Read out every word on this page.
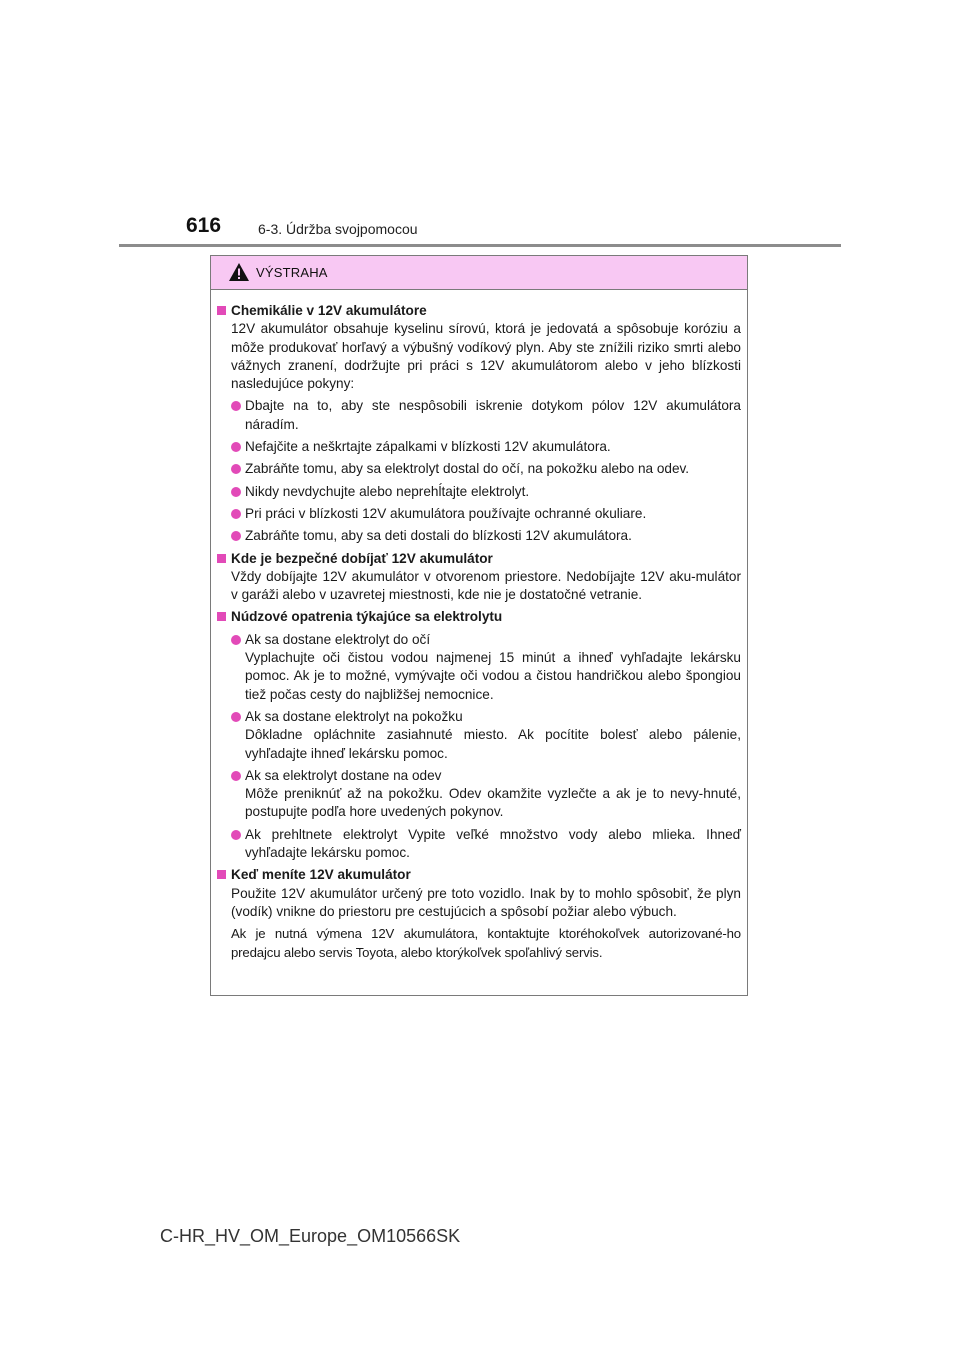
616	6-3. Údržba svojpomocou
VÝSTRAHA
Chemikálie v 12V akumulátore
12V akumulátor obsahuje kyselinu sírovú, ktorá je jedovatá a spôsobuje koróziu a môže produkovať horľavý a výbušný vodíkový plyn. Aby ste znížili riziko smrti alebo vážnych zranení, dodržujte pri práci s 12V akumulátorom alebo v jeho blízkosti nasledujúce pokyny:
Dbajte na to, aby ste nespôsobili iskrenie dotykom pólov 12V akumulátora náradím.
Nefajčite a neškrtajte zápalkami v blízkosti 12V akumulátora.
Zabráňte tomu, aby sa elektrolyt dostal do očí, na pokožku alebo na odev.
Nikdy nevdychujte alebo neprehĺtajte elektrolyt.
Pri práci v blízkosti 12V akumulátora používajte ochranné okuliare.
Zabráňte tomu, aby sa deti dostali do blízkosti 12V akumulátora.
Kde je bezpečné dobíjať 12V akumulátor
Vždy dobíjajte 12V akumulátor v otvorenom priestore. Nedobíjajte 12V aku-mulátor v garáži alebo v uzavretej miestnosti, kde nie je dostatočné vetranie.
Núdzové opatrenia týkajúce sa elektrolytu
Ak sa dostane elektrolyt do očí
Vyplachujte oči čistou vodou najmenej 15 minút a ihneď vyhľadajte lekársku pomoc. Ak je to možné, vymývajte oči vodou a čistou handričkou alebo špongiou tiež počas cesty do najbližšej nemocnice.
Ak sa dostane elektrolyt na pokožku
Dôkladne opláchnite zasiahnuté miesto. Ak pocítite bolesť alebo pálenie, vyhľadajte ihneď lekársku pomoc.
Ak sa elektrolyt dostane na odev
Môže preniknúť až na pokožku. Odev okamžite vyzlečte a ak je to nevy-hnuté, postupujte podľa hore uvedených pokynov.
Ak prehltnete elektrolyt Vypite veľké množstvo vody alebo mlieka. Ihneď vyhľadajte lekársku pomoc.
Keď meníte 12V akumulátor
Použite 12V akumulátor určený pre toto vozidlo. Inak by to mohlo spôsobiť, že plyn (vodík) vnikne do priestoru pre cestujúcich a spôsobí požiar alebo výbuch.
Ak je nutná výmena 12V akumulátora, kontaktujte ktoréhokoľvek autorizované-ho predajcu alebo servis Toyota, alebo ktorýkoľvek spoľahlivý servis.
C-HR_HV_OM_Europe_OM10566SK
